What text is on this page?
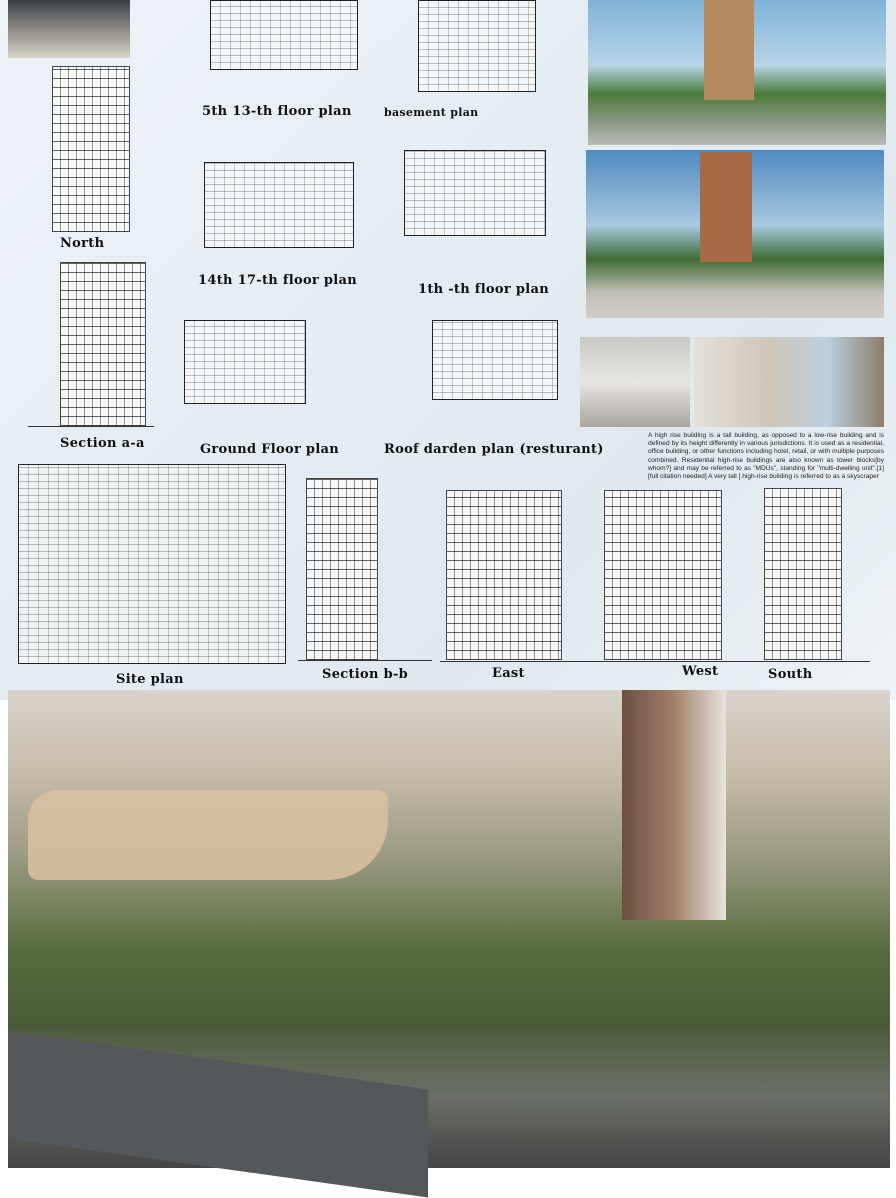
5th 13-th floor plan	basement plan
North
14th 17-th floor plan
1th -th floor plan
Section a-a	Ground Floor plan	Roof darden plan (resturant)
A high rise building is a tall building, as opposed to a low-rise building and is defined by its height differently in various jurisdictions. It is used as a residential, office building, or other functions including hotel, retail, or with multiple purposes combined. Residential high-rise buildings are also known as tower blocks[by whom?] and may be referred to as "MDUs", standing for "multi-dwelling unit".[1][full citation needed] A very tall [.high-rise building is referred to as a skyscraper
Site plan	Section b-b	East	West	South
